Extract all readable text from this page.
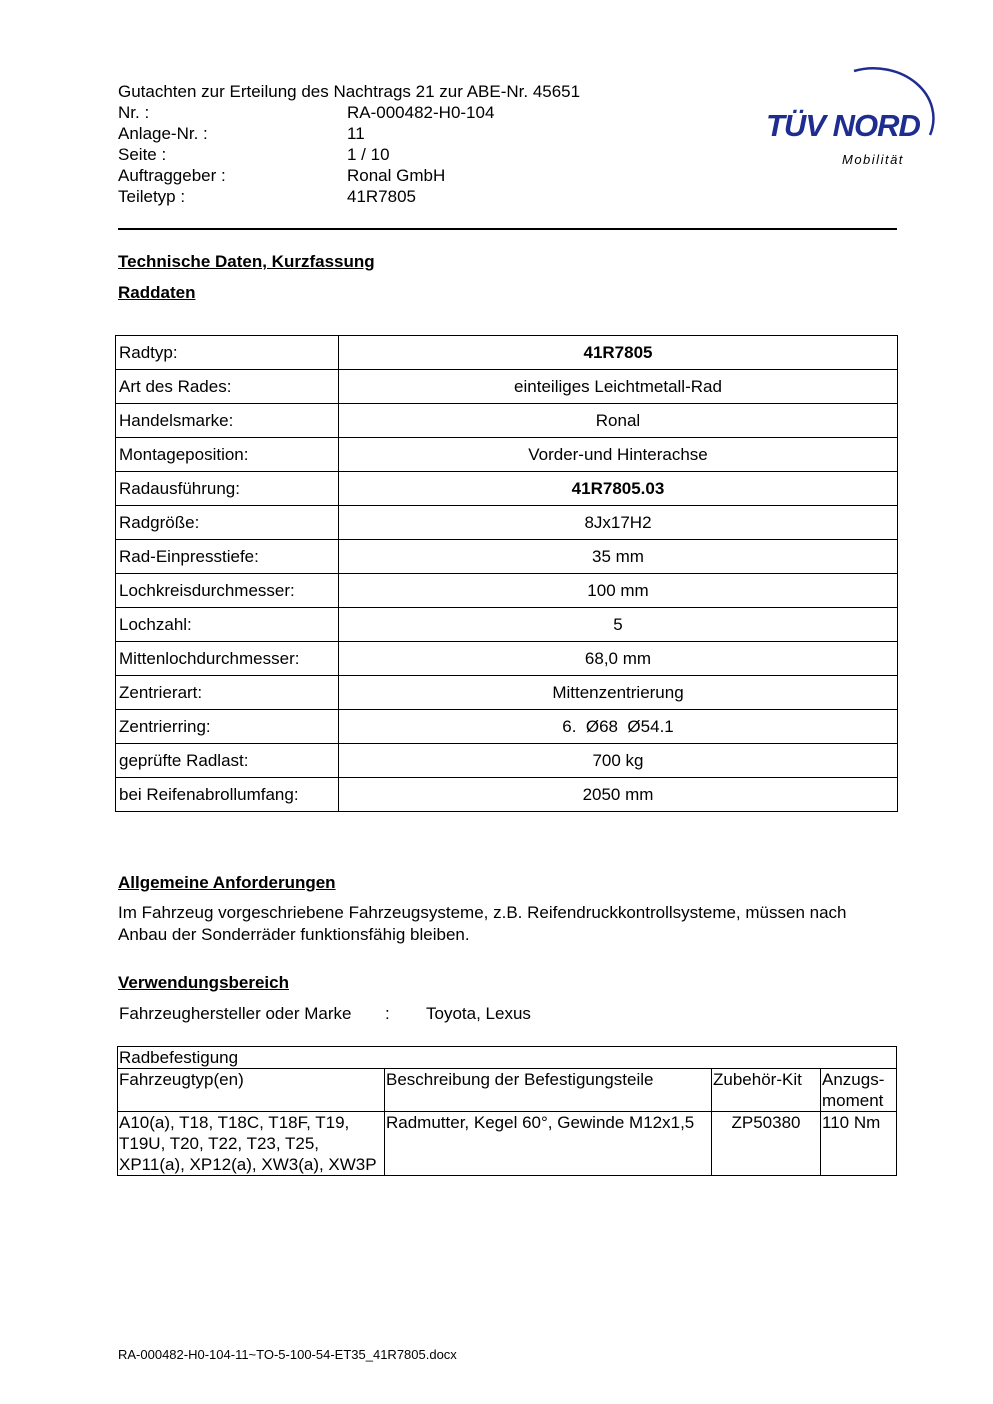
Gutachten zur Erteilung des Nachtrags 21 zur ABE-Nr. 45651
Nr. :	RA-000482-H0-104
Anlage-Nr. :	11
Seite :	1 / 10
Auftraggeber :	Ronal GmbH
Teiletyp :	41R7805
TÜV NORD
Mobilität
Technische Daten, Kurzfassung
Raddaten
Radtyp:	41R7805
Art des Rades:	einteiliges Leichtmetall-Rad
Handelsmarke:	Ronal
Montageposition:	Vorder-und Hinterachse
Radausführung:	41R7805.03
Radgröße:	8Jx17H2
Rad-Einpresstiefe:	35 mm
Lochkreisdurchmesser:	100 mm
Lochzahl:	5
Mittenlochdurchmesser:	68,0 mm
Zentrierart:	Mittenzentrierung
Zentrierring:	6.  Ø68  Ø54.1
geprüfte Radlast:	700 kg
bei Reifenabrollumfang:	2050 mm
Allgemeine Anforderungen
Im Fahrzeug vorgeschriebene Fahrzeugsysteme, z.B. Reifendruckkontrollsysteme, müssen nach Anbau der Sonderräder funktionsfähig bleiben.
Verwendungsbereich
Fahrzeughersteller oder Marke : Toyota, Lexus
Radbefestigung			
Fahrzeugtyp(en)	Beschreibung der Befestigungsteile	Zubehör-Kit	Anzugs-moment
A10(a), T18, T18C, T18F, T19, T19U, T20, T22, T23, T25, XP11(a), XP12(a), XW3(a), XW3P	Radmutter, Kegel 60°, Gewinde M12x1,5	ZP50380	110 Nm
RA-000482-H0-104-11~TO-5-100-54-ET35_41R7805.docx
